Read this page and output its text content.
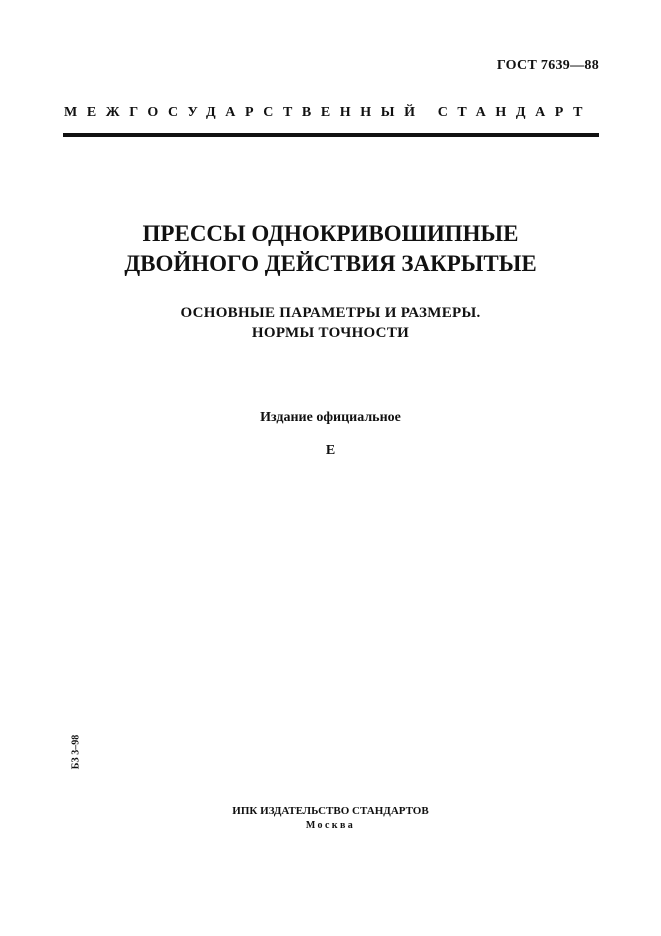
ГОСТ 7639—88
МЕЖГОСУДАРСТВЕННЫЙ СТАНДАРТ
ПРЕССЫ ОДНОКРИВОШИПНЫЕ
ДВОЙНОГО ДЕЙСТВИЯ ЗАКРЫТЫЕ
ОСНОВНЫЕ ПАРАМЕТРЫ И РАЗМЕРЫ.
НОРМЫ ТОЧНОСТИ
Издание официальное
Е
БЗ 3–98
ИПК ИЗДАТЕЛЬСТВО СТАНДАРТОВ
Москва
